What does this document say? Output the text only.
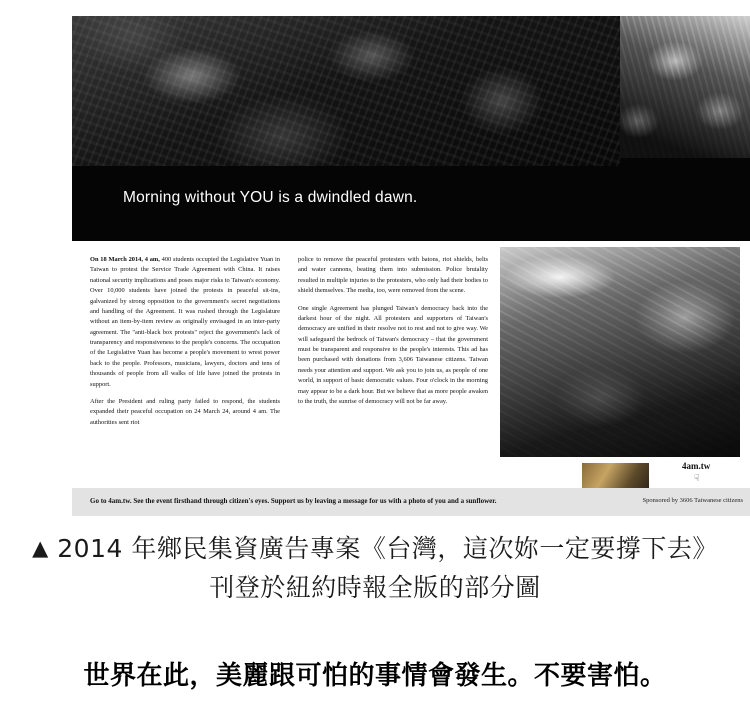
Morning without YOU is a dwindled dawn.

On 18 March 2014, 4 am, 400 students occupied the Legislative Yuan in Taiwan to protest the Service Trade Agreement with China. It raises national security implications and poses major risks to Taiwan's economy. Over 10,000 students have joined the protests in peaceful sit-ins, galvanized by strong opposition to the government's secret negotiations and handling of the Agreement. It was rushed through the Legislature without an item-by-item review as originally envisaged in an inter-party agreement. The "anti-black box protests" reject the government's lack of transparency and responsiveness to the people's concerns. The occupation of the Legislative Yuan has become a people's movement to wrest power back to the people. Professors, musicians, lawyers, doctors and tens of thousands of people from all walks of life have joined the protests in support.

After the President and ruling party failed to respond, the students expanded their peaceful occupation on 24 March 24, around 4 am. The authorities sent riot

police to remove the peaceful protesters with batons, riot shields, belts and water cannons, beating them into submission. Police brutality resulted in multiple injuries to the protesters, who only had their bodies to shield themselves. The media, too, were removed from the scene.

One single Agreement has plunged Taiwan's democracy back into the darkest hour of the night. All protesters and supporters of Taiwan's democracy are unified in their resolve not to rest and not to give way. We will safeguard the bedrock of Taiwan's democracy – that the government must be transparent and responsive to the people's interests. This ad has been purchased with donations from 3,606 Taiwanese citizens. Taiwan needs your attention and support. We ask you to join us, as people of one world, in support of basic democratic values. Four o'clock in the morning may appear to be a dark hour. But we believe that as more people awaken to the truth, the sunrise of democracy will not be far away.

4am.tw
☟
Go to 4am.tw. See the event firsthand through citizen's eyes. Support us by leaving a message for us with a photo of you and a sunflower.	Sponsored by 3606 Taiwanese citizens
▲ 2014 年鄉民集資廣告專案《台灣，這次妳一定要撐下去》刊登於紐約時報全版的部分圖
世界在此，美麗跟可怕的事情會發生。不要害怕。
